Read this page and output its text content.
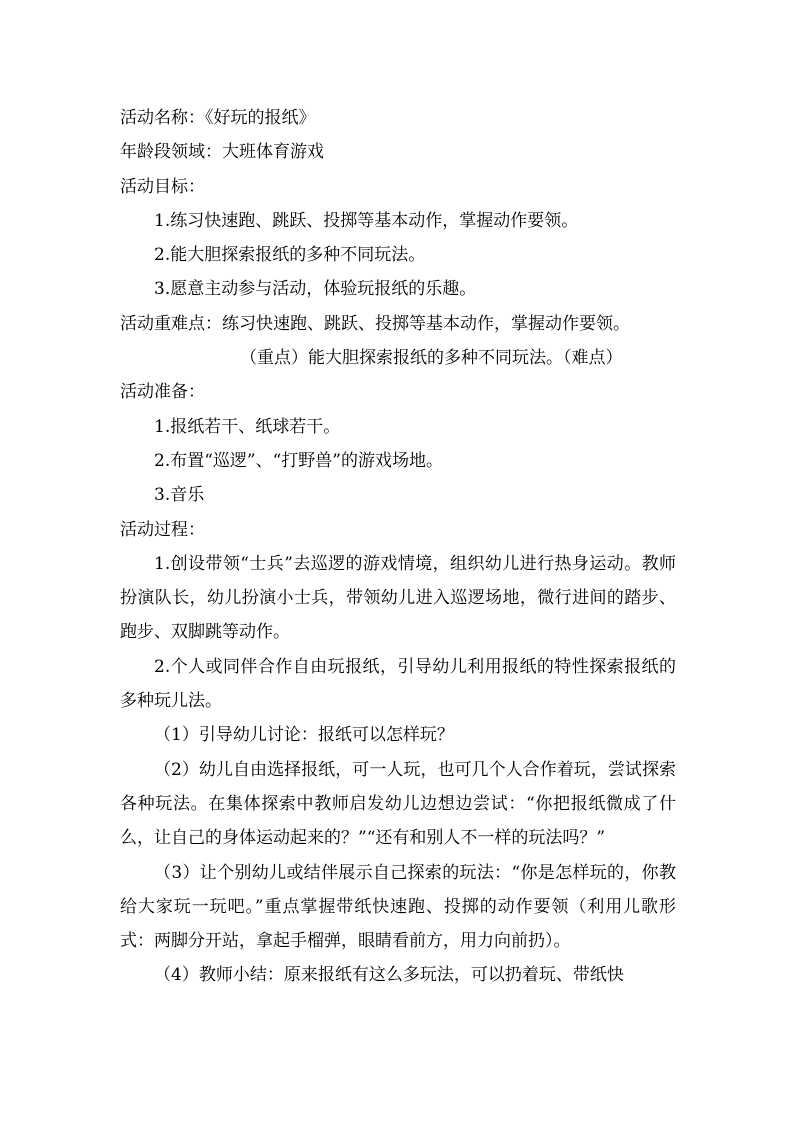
活动名称：《好玩的报纸》

年龄段领域：大班体育游戏

活动目标：

1.练习快速跑、跳跃、投掷等基本动作，掌握动作要领。

2.能大胆探索报纸的多种不同玩法。

3.愿意主动参与活动，体验玩报纸的乐趣。

活动重难点：练习快速跑、跳跃、投掷等基本动作，掌握动作要领。

（重点）能大胆探索报纸的多种不同玩法。（难点）

活动准备：

1.报纸若干、纸球若干。

2.布置“巡逻”、“打野兽”的游戏场地。

3.音乐

活动过程：

1.创设带领“士兵”去巡逻的游戏情境，组织幼儿进行热身运动。教师扮演队长，幼儿扮演小士兵，带领幼儿进入巡逻场地，微行进间的踏步、跑步、双脚跳等动作。

2.个人或同伴合作自由玩报纸，引导幼儿利用报纸的特性探索报纸的多种玩儿法。

（1）引导幼儿讨论：报纸可以怎样玩？

（2）幼儿自由选择报纸，可一人玩，也可几个人合作着玩，尝试探索各种玩法。在集体探索中教师启发幼儿边想边尝试：“你把报纸微成了什么，让自己的身体运动起来的？”“还有和别人不一样的玩法吗？”

（3）让个别幼儿或结伴展示自己探索的玩法：“你是怎样玩的，你教给大家玩一玩吧。”重点掌握带纸快速跑、投掷的动作要领（利用儿歌形式：两脚分开站，拿起手榴弹，眼睛看前方，用力向前扔）。

（4）教师小结：原来报纸有这么多玩法，可以扔着玩、带纸快
